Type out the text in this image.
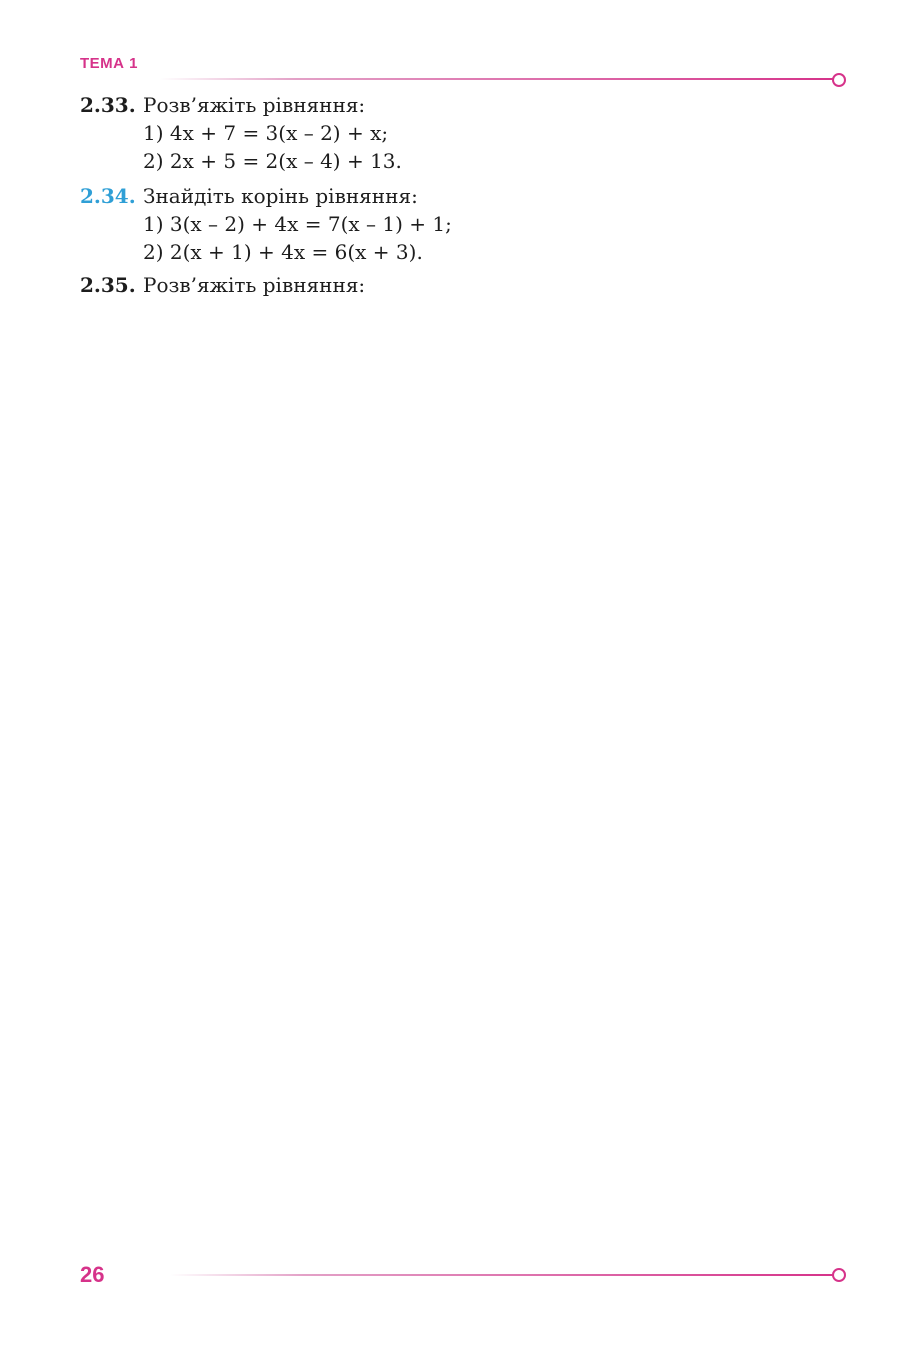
ТЕМА 1
2.33. Розв’яжіть рівняння:
1) 4x + 7 = 3(x – 2) + x;
2) 2x + 5 = 2(x – 4) + 13.
2.34. Знайдіть корінь рівняння:
1) 3(x – 2) + 4x = 7(x – 1) + 1;
2) 2(x + 1) + 4x = 6(x + 3).
2.35. Розв’яжіть рівняння:
26
